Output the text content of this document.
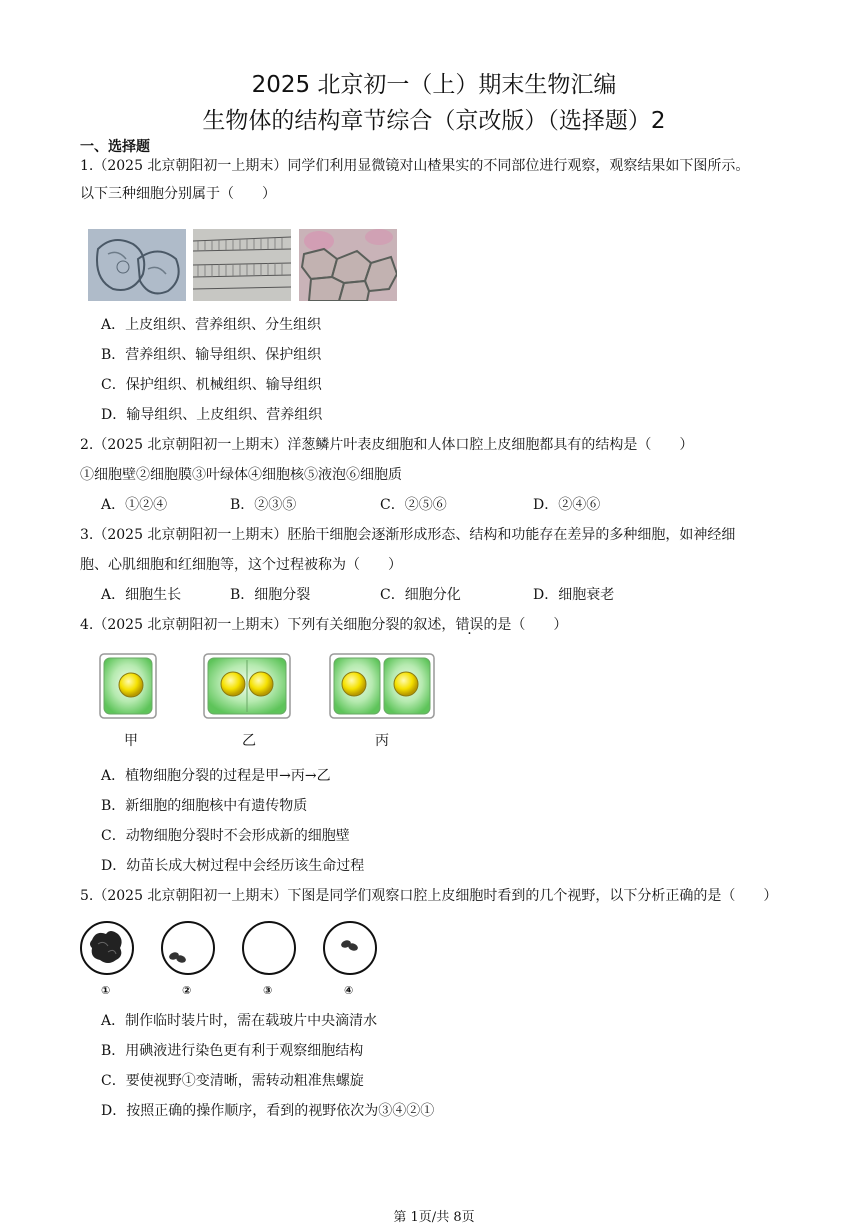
2025 北京初一（上）期末生物汇编
生物体的结构章节综合（京改版）（选择题）2
一、选择题
1.（2025 北京朝阳初一上期末）同学们利用显微镜对山楂果实的不同部位进行观察，观察结果如下图所示。
以下三种细胞分别属于（　　）
A．上皮组织、营养组织、分生组织
B．营养组织、输导组织、保护组织
C．保护组织、机械组织、输导组织
D．输导组织、上皮组织、营养组织
2.（2025 北京朝阳初一上期末）洋葱鳞片叶表皮细胞和人体口腔上皮细胞都具有的结构是（　　）
①细胞壁②细胞膜③叶绿体④细胞核⑤液泡⑥细胞质
A．①②④	B．②③⑤	C．②⑤⑥	D．②④⑥
3.（2025 北京朝阳初一上期末）胚胎干细胞会逐渐形成形态、结构和功能存在差异的多种细胞，如神经细
胞、心肌细胞和红细胞等，这个过程被称为（　　）
A．细胞生长	B．细胞分裂	C．细胞分化	D．细胞衰老
4.（2025 北京朝阳初一上期末）下列有关细胞分裂的叙述，错误的是（　　）
甲	乙	丙
A．植物细胞分裂的过程是甲→丙→乙
B．新细胞的细胞核中有遗传物质
C．动物细胞分裂时不会形成新的细胞壁
D．幼苗长成大树过程中会经历该生命过程
5.（2025 北京朝阳初一上期末）下图是同学们观察口腔上皮细胞时看到的几个视野，以下分析正确的是（　　）
①	②	③	④
A．制作临时装片时，需在载玻片中央滴清水
B．用碘液进行染色更有利于观察细胞结构
C．要使视野①变清晰，需转动粗准焦螺旋
D．按照正确的操作顺序，看到的视野依次为③④②①
第 1页/共 8页
